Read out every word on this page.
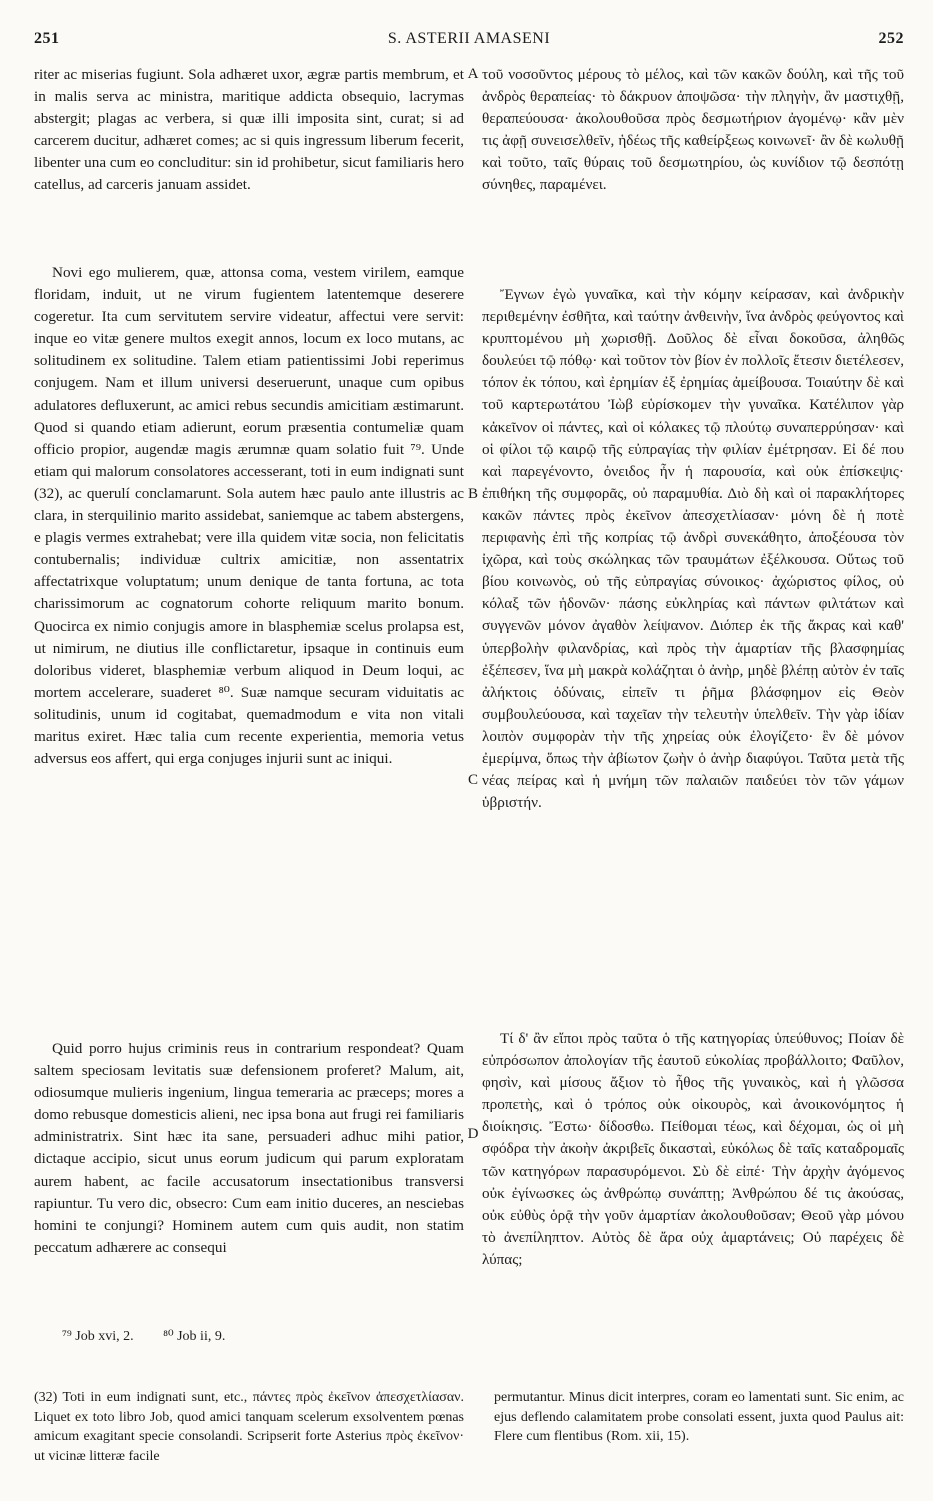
251	S. ASTERII AMASENI	252

riter ac miserias fugiunt. Sola adhæret uxor, ægræ partis membrum, et in malis serva ac ministra, maritique addicta obsequio, lacrymas abstergit; plagas ac verbera, si quæ illi imposita sint, curat; si ad carcerem ducitur, adhæret comes; ac si quis ingressum liberum fecerit, libenter una cum eo concluditur: sin id prohibetur, sicut familiaris hero catellus, ad carceris januam assidet.

Novi ego mulierem, quæ, attonsa coma, vestem virilem, eamque floridam, induit, ut ne virum fugientem latentemque deserere cogeretur. Ita cum servitutem servire videatur, affectui vere servit: inque eo vitæ genere multos exegit annos, locum ex loco mutans, ac solitudinem ex solitudine. Talem etiam patientissimi Jobi reperimus conjugem. Nam et illum universi deseruerunt, unaque cum opibus adulatores defluxerunt, ac amici rebus secundis amicitiam æstimarunt. Quod si quando etiam adierunt, eorum præsentia contumeliæ quam officio propior, augendæ magis ærumnæ quam solatio fuit ⁷⁹. Unde etiam qui malorum consolatores accesserant, toti in eum indignati sunt (32), ac querulí conclamarunt. Sola autem hæc paulo ante illustris ac clara, in sterquilinio marito assidebat, saniemque ac tabem abstergens, e plagis vermes extrahebat; vere illa quidem vitæ socia, non felicitatis contubernalis; individuæ cultrix amicitiæ, non assentatrix affectatrixque voluptatum; unum denique de tanta fortuna, ac tota charissimorum ac cognatorum cohorte reliquum marito bonum. Quocirca ex nimio conjugis amore in blasphemiæ scelus prolapsa est, ut nimirum, ne diutius ille conflictaretur, ipsaque in continuis eum doloribus videret, blasphemiæ verbum aliquod in Deum loqui, ac mortem accelerare, suaderet ⁸⁰. Suæ namque securam viduitatis ac solitudinis, unum id cogitabat, quemadmodum e vita non vitali maritus exiret. Hæc talia cum recente experientia, memoria vetus adversus eos affert, qui erga conjuges injurii sunt ac iniqui.

Quid porro hujus criminis reus in contrarium respondeat? Quam saltem speciosam levitatis suæ defensionem proferet? Malum, ait, odiosumque mulieris ingenium, lingua temeraria ac præceps; mores a domo rebusque domesticis alieni, nec ipsa bona aut frugi rei familiaris administratrix. Sint hæc ita sane, persuaderi adhuc mihi patior, dictaque accipio, sicut unus eorum judicum qui parum exploratam aurem habent, ac facile accusatorum insectationibus transversi rapiuntur. Tu vero dic, obsecro: Cum eam initio duceres, an nesciebas homini te conjungi? Hominem autem cum quis audit, non statim peccatum adhærere ac consequi

τοῦ νοσοῦντος μέρους τὸ μέλος, καὶ τῶν κακῶν δούλη, καὶ τῆς τοῦ ἀνδρὸς θεραπείας· τὸ δάκρυον ἀποψῶσα· τὴν πληγὴν, ἂν μαστιχθῇ, θεραπεύουσα· ἀκολουθοῦσα πρὸς δεσμωτήριον ἀγομένῳ· κἂν μὲν τις ἀφῇ συνεισελθεῖν, ἡδέως τῆς καθείρξεως κοινωνεῖ· ἂν δὲ κωλυθῇ καὶ τοῦτο, ταῖς θύραις τοῦ δεσμωτηρίου, ὡς κυνίδιον τῷ δεσπότῃ σύνηθες, παραμένει.

Ἔγνων ἐγὼ γυναῖκα, καὶ τὴν κόμην κείρασαν, καὶ ἀνδρικὴν περιθεμένην ἐσθῆτα, καὶ ταύτην ἀνθεινὴν, ἵνα ἀνδρὸς φεύγοντος καὶ κρυπτομένου μὴ χωρισθῇ. Δοῦλος δὲ εἶναι δοκοῦσα, ἀληθῶς δουλεύει τῷ πόθῳ· καὶ τοῦτον τὸν βίον ἐν πολλοῖς ἔτεσιν διετέλεσεν, τόπον ἐκ τόπου, καὶ ἐρημίαν ἐξ ἐρημίας ἀμείβουσα. Τοιαύτην δὲ καὶ τοῦ καρτερωτάτου Ἰὼβ εὑρίσκομεν τὴν γυναῖκα. Κατέλιπον γὰρ κἀκεῖνον οἱ πάντες, καὶ οἱ κόλακες τῷ πλούτῳ συναπερρύησαν· καὶ οἱ φίλοι τῷ καιρῷ τῆς εὐπραγίας τὴν φιλίαν ἐμέτρησαν. Εἰ δέ που καὶ παρεγένοντο, ὀνειδος ἦν ἡ παρουσία, καὶ οὐκ ἐπίσκεψις· ἐπιθήκη τῆς συμφορᾶς, οὐ παραμυθία. Διὸ δὴ καὶ οἱ παρακλήτορες κακῶν πάντες πρὸς ἐκεῖνον ἀπεσχετλίασαν· μόνη δὲ ἡ ποτὲ περιφανὴς ἐπὶ τῆς κοπρίας τῷ ἀνδρὶ συνεκάθητο, ἀποξέουσα τὸν ἰχῶρα, καὶ τοὺς σκώληκας τῶν τραυμάτων ἐξέλκουσα. Οὕτως τοῦ βίου κοινωνὸς, οὐ τῆς εὐπραγίας σύνοικος· ἀχώριστος φίλος, οὐ κόλαξ τῶν ἡδονῶν· πάσης εὐκληρίας καὶ πάντων φιλτάτων καὶ συγγενῶν μόνον ἀγαθὸν λείψανον. Διόπερ ἐκ τῆς ἄκρας καὶ καθ' ὑπερβολὴν φιλανδρίας, καὶ πρὸς τὴν ἁμαρτίαν τῆς βλασφημίας ἐξέπεσεν, ἵνα μὴ μακρὰ κολάζηται ὁ ἀνὴρ, μηδὲ βλέπῃ αὐτὸν ἐν ταῖς ἀλήκτοις ὀδύναις, εἰπεῖν τι ῥῆμα βλάσφημον εἰς Θεὸν συμβουλεύουσα, καὶ ταχεῖαν τὴν τελευτὴν ὑπελθεῖν. Τὴν γὰρ ἰδίαν λοιπὸν συμφορὰν τὴν τῆς χηρείας οὐκ ἐλογίζετο· ἓν δὲ μόνον ἐμερίμνα, ὅπως τὴν ἀβίωτον ζωὴν ὁ ἀνὴρ διαφύγοι. Ταῦτα μετὰ τῆς νέας πείρας καὶ ἡ μνήμη τῶν παλαιῶν παιδεύει τὸν τῶν γάμων ὑβριστήν.

Τί δ' ἂν εἴποι πρὸς ταῦτα ὁ τῆς κατηγορίας ὑπεύθυνος; Ποίαν δὲ εὐπρόσωπον ἀπολογίαν τῆς ἑαυτοῦ εὐκολίας προβάλλοιτο; Φαῦλον, φησὶν, καὶ μίσους ἄξιον τὸ ἦθος τῆς γυναικὸς, καὶ ἡ γλῶσσα προπετὴς, καὶ ὁ τρόπος οὐκ οἰκουρὸς, καὶ ἀνοικονόμητος ἡ διοίκησις. Ἔστω· δίδοσθω. Πείθομαι τέως, καὶ δέχομαι, ὡς οἱ μὴ σφόδρα τὴν ἀκοὴν ἀκριβεῖς δικασταὶ, εὐκόλως δὲ ταῖς καταδρομαῖς τῶν κατηγόρων παρασυρόμενοι. Σὺ δὲ εἰπέ· Τὴν ἀρχὴν ἀγόμενος οὐκ ἐγίνωσκες ὡς ἀνθρώπῳ συνάπτῃ; Ἀνθρώπου δέ τις ἀκούσας, οὐκ εὐθὺς ὁρᾷ τὴν γοῦν ἁμαρτίαν ἀκολουθοῦσαν; Θεοῦ γὰρ μόνου τὸ ἀνεπίληπτον. Αὐτὸς δὲ ἄρα οὐχ ἁμαρτάνεις; Οὐ παρέχεις δὲ λύπας;

A
B
C
D
⁷⁹ Job xvi, 2. ⁸⁰ Job ii, 9.

(32) Toti in eum indignati sunt, etc., πάντες πρὸς ἐκεῖνον ἀπεσχετλίασαν. Liquet ex toto libro Job, quod amici tanquam scelerum exsolventem pœnas amicum exagitant specie consolandi. Scripserit forte Asterius πρὸς ἐκεῖνον· ut vicinæ litteræ facile

permutantur. Minus dicit interpres, coram eo lamentati sunt. Sic enim, ac ejus deflendo calamitatem probe consolati essent, juxta quod Paulus ait: Flere cum flentibus (Rom. xii, 15).
